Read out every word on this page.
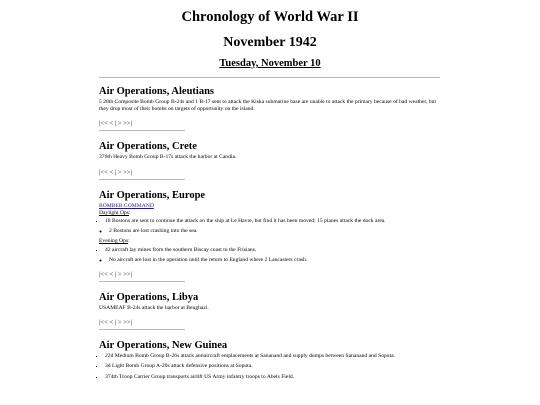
Chronology of World War II
November 1942
Tuesday, November 10
Air Operations, Aleutians

5 28th Composite Bomb Group B-24s and 1 B-17 sent to attack the Kiska submarine base are unable to attack the primary because of bad weather, but they drop most of their bombs on targets of opportunity on the island.

|<< < | > >>|
Air Operations, Crete

376th Heavy Bomb Group B-17s attack the harbor at Candia.

|<< < | > >>|
Air Operations, Europe
BOMBER COMMAND
Daylight Ops:
▪ 18 Bostons are sent to continue the attack on the ship at Le Havre, but find it has been moved; 15 planes attack the dock area.
◦ 2 Bostons are lost crashing into the sea.
Evening Ops:
▪ 42 aircraft lay mines from the southern Biscay coast to the Frisians.
◦ No aircraft are lost in the operation until the return to England where 2 Lancasters crash.
|<< < | > >>|
Air Operations, Libya

USAMEAF B-24s attack the harbor at Benghazi.

|<< < | > >>|
Air Operations, New Guinea
▪ 22d Medium Bomb Group B-26s attack antiaircraft emplacements at Sananand and supply dumps between Sananand and Soputa.
▪ 3d Light Bomb Group A-20s attack defensive positions at Soputa.
▪ 374th Troop Carrier Group transports airlift US Army infantry troops to Abels Field.
